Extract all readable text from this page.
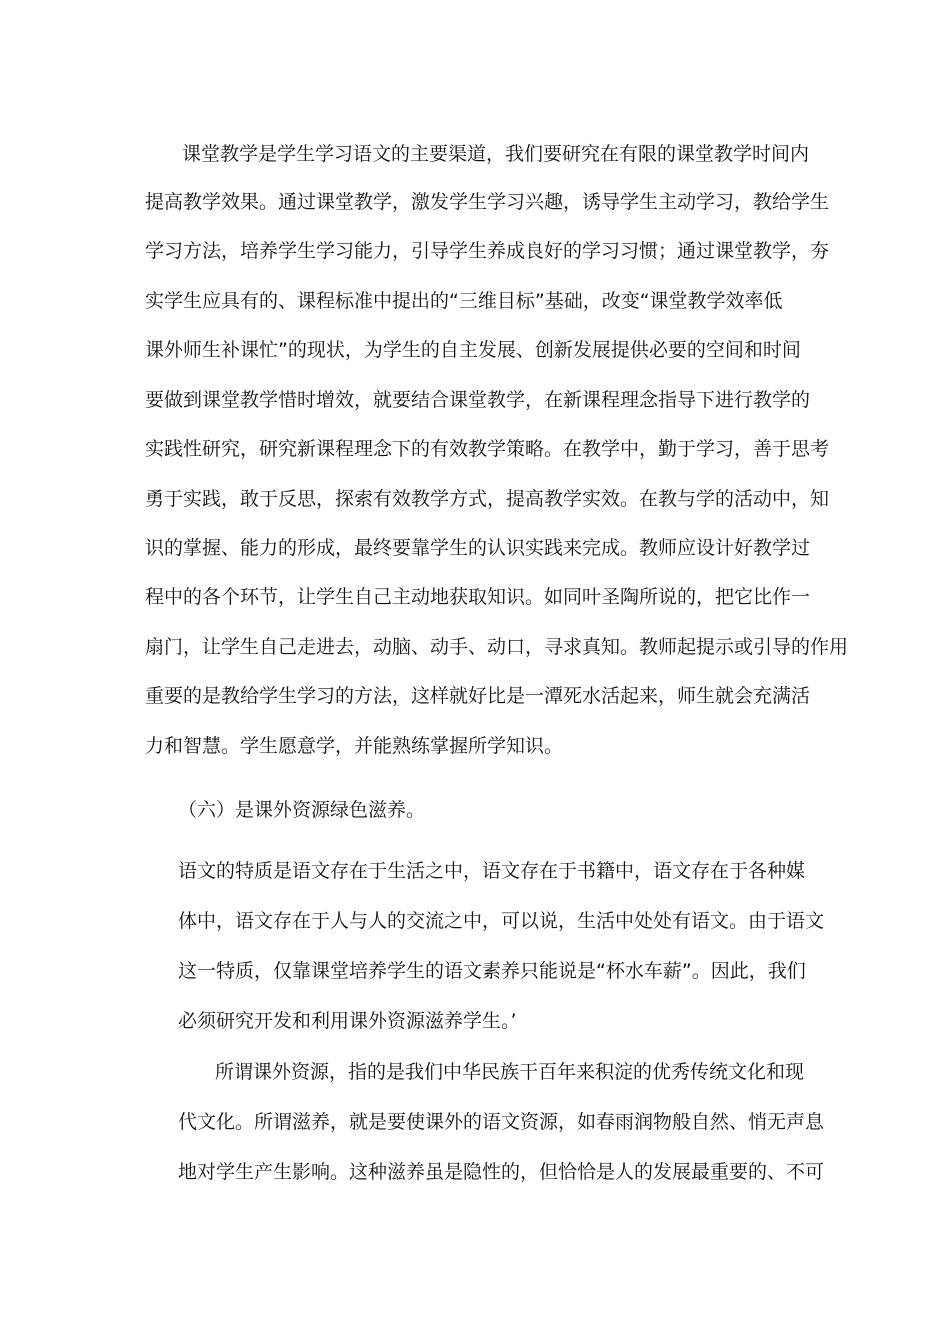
课堂教学是学生学习语文的主要渠道，我们要研究在有限的课堂教学时间内

提高教学效果。通过课堂教学，激发学生学习兴趣，诱导学生主动学习，教给学生

学习方法，培养学生学习能力，引导学生养成良好的学习习惯；通过课堂教学，夯

实学生应具有的、课程标准中提出的“三维目标”基础，改变“课堂教学效率低

课外师生补课忙”的现状，为学生的自主发展、创新发展提供必要的空间和时间

要做到课堂教学惜时增效，就要结合课堂教学，在新课程理念指导下进行教学的

实践性研究，研究新课程理念下的有效教学策略。在教学中，勤于学习，善于思考

勇于实践，敢于反思，探索有效教学方式，提高教学实效。在教与学的活动中，知

识的掌握、能力的形成，最终要靠学生的认识实践来完成。教师应设计好教学过

程中的各个环节，让学生自己主动地获取知识。如同叶圣陶所说的，把它比作一

扇门，让学生自己走进去，动脑、动手、动口，寻求真知。教师起提示或引导的作用

重要的是教给学生学习的方法，这样就好比是一潭死水活起来，师生就会充满活

力和智慧。学生愿意学，并能熟练掌握所学知识。

（六）是课外资源绿色滋养。

语文的特质是语文存在于生活之中，语文存在于书籍中，语文存在于各种媒

体中，语文存在于人与人的交流之中，可以说，生活中处处有语文。由于语文

这一特质，仅靠课堂培养学生的语文素养只能说是“杯水车薪”。因此，我们

必须研究开发和利用课外资源滋养学生。’

所谓课外资源，指的是我们中华民族干百年来积淀的优秀传统文化和现

代文化。所谓滋养，就是要使课外的语文资源，如春雨润物般自然、悄无声息

地对学生产生影响。这种滋养虽是隐性的，但恰恰是人的发展最重要的、不可
